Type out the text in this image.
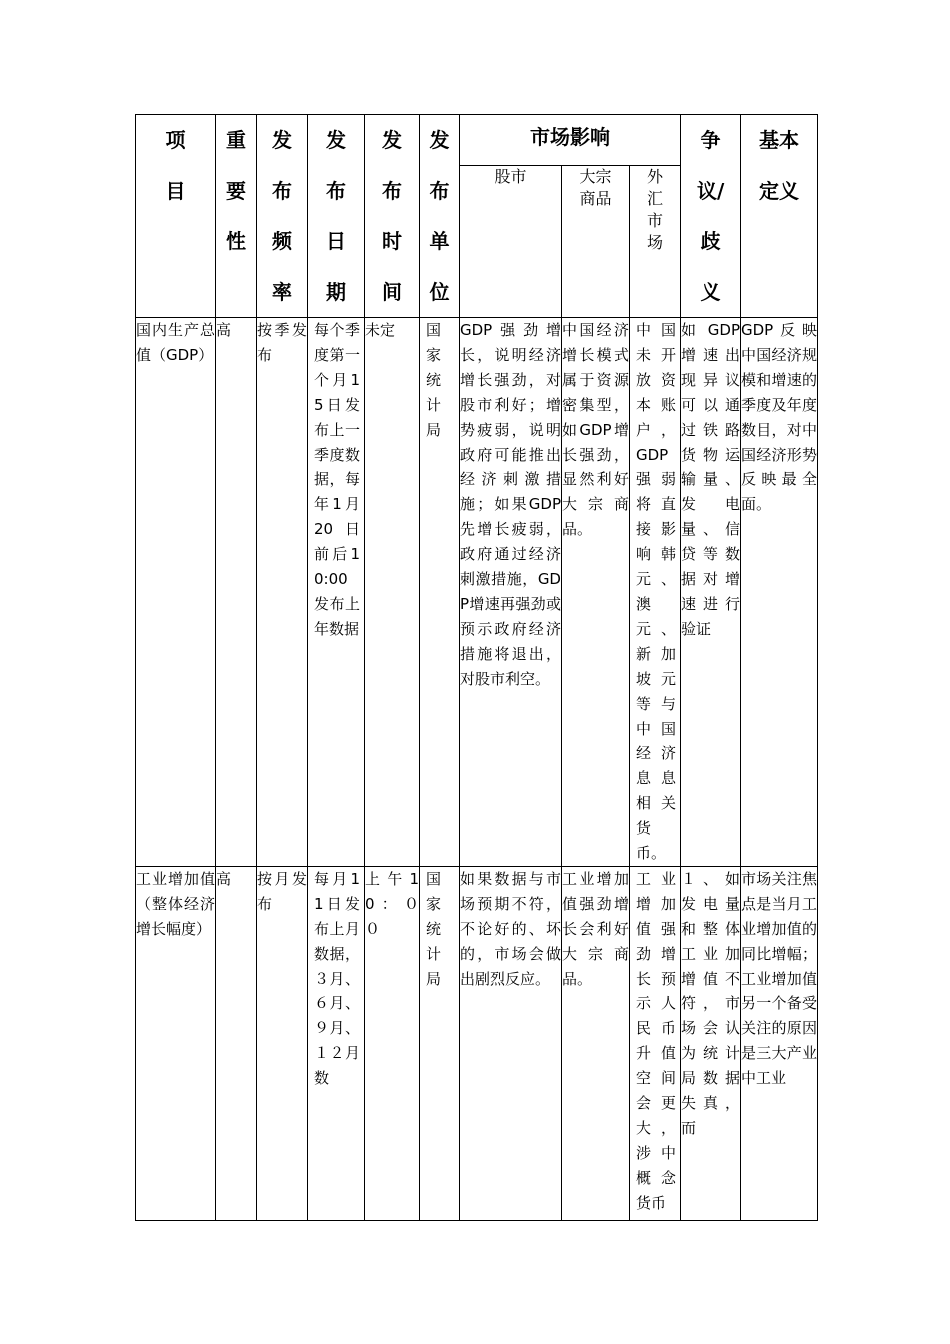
项目	重要性	发布频率	发布日期	发布时间	发布单位	市场影响			争议/歧义	基本定义
						股市	大宗商品	外汇市场		
国内生产总值（GDP）	高	按季发布	每个季度第一个月15日发布上一季度数据，每年1月20日前后10:00发布上年数据	未定	国家统计局	GDP强劲增长，说明经济增长强劲，对股市利好；增势疲弱，说明政府可能推出经济刺激措施；如果GDP先增长疲弱，政府通过经济刺激措施，GDP增速再强劲或预示政府经济措施将退出，对股市利空。	中国经济增长模式属于资源密集型，如GDP增长强劲，显然利好大宗商品。	中国未开放资本账户，GDP强弱将直接影响韩元、澳元、新加坡元等与中国经济息息相关货币。	如GDP增速出现异议可以通过铁路货物运输量、发电量、信贷等数据对增速进行验证	GDP反映中国经济规模和增速的季度及年度数目，对中国经济形势反映最全面。
工业增加值（整体经济增长幅度）	高	按月发布	每月11日发布上月数据，３月、６月、９月、１２月数	上午10：００	国家统计局	如果数据与市场预期不符，不论好的、坏的，市场会做出剧烈反应。	工业增加值强劲增长会利好大宗商品。	工业增加值强劲增长预示人民币升值空间会更大，涉中概念货币	１、如发电量和整体工业加增值不符，市场会认为统计局数据失真，而	市场关注焦点是当月工业增加值的同比增幅；工业增加值另一个备受关注的原因是三大产业中工业
